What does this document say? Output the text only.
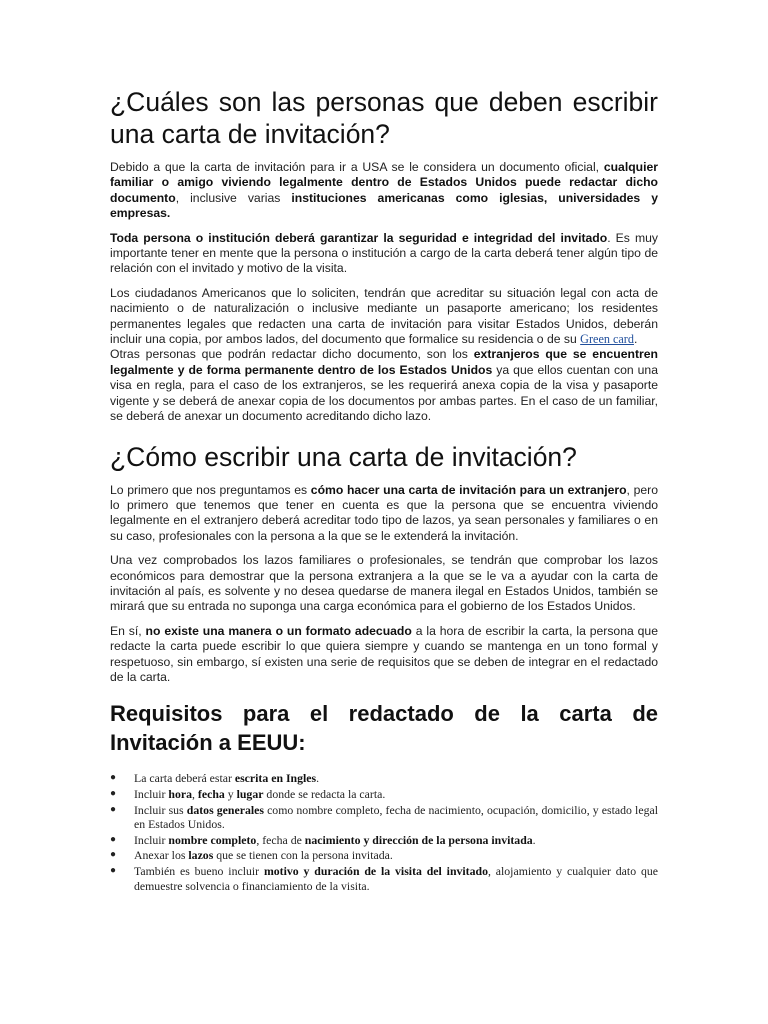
¿Cuáles son las personas que deben escribir una carta de invitación?

Debido a que la carta de invitación para ir a USA se le considera un documento oficial, cualquier familiar o amigo viviendo legalmente dentro de Estados Unidos puede redactar dicho documento, inclusive varias instituciones americanas como iglesias, universidades y empresas.

Toda persona o institución deberá garantizar la seguridad e integridad del invitado. Es muy importante tener en mente que la persona o institución a cargo de la carta deberá tener algún tipo de relación con el invitado y motivo de la visita.

Los ciudadanos Americanos que lo soliciten, tendrán que acreditar su situación legal con acta de nacimiento o de naturalización o inclusive mediante un pasaporte americano; los residentes permanentes legales que redacten una carta de invitación para visitar Estados Unidos, deberán incluir una copia, por ambos lados, del documento que formalice su residencia o de su Green card.

Otras personas que podrán redactar dicho documento, son los extranjeros que se encuentren legalmente y de forma permanente dentro de los Estados Unidos ya que ellos cuentan con una visa en regla, para el caso de los extranjeros, se les requerirá anexa copia de la visa y pasaporte vigente y se deberá de anexar copia de los documentos por ambas partes. En el caso de un familiar, se deberá de anexar un documento acreditando dicho lazo.

¿Cómo escribir una carta de invitación?

Lo primero que nos preguntamos es cómo hacer una carta de invitación para un extranjero, pero lo primero que tenemos que tener en cuenta es que la persona que se encuentra viviendo legalmente en el extranjero deberá acreditar todo tipo de lazos, ya sean personales y familiares o en su caso, profesionales con la persona a la que se le extenderá la invitación.

Una vez comprobados los lazos familiares o profesionales, se tendrán que comprobar los lazos económicos para demostrar que la persona extranjera a la que se le va a ayudar con la carta de invitación al país, es solvente y no desea quedarse de manera ilegal en Estados Unidos, también se mirará que su entrada no suponga una carga económica para el gobierno de los Estados Unidos.

En sí, no existe una manera o un formato adecuado a la hora de escribir la carta, la persona que redacte la carta puede escribir lo que quiera siempre y cuando se mantenga en un tono formal y respetuoso, sin embargo, sí existen una serie de requisitos que se deben de integrar en el redactado de la carta.

Requisitos para el redactado de la carta de Invitación a EEUU:
● La carta deberá estar escrita en Ingles.
● Incluir hora, fecha y lugar donde se redacta la carta.
● Incluir sus datos generales como nombre completo, fecha de nacimiento, ocupación, domicilio, y estado legal en Estados Unidos.
● Incluir nombre completo, fecha de nacimiento y dirección de la persona invitada.
● Anexar los lazos que se tienen con la persona invitada.
● También es bueno incluir motivo y duración de la visita del invitado, alojamiento y cualquier dato que demuestre solvencia o financiamiento de la visita.
